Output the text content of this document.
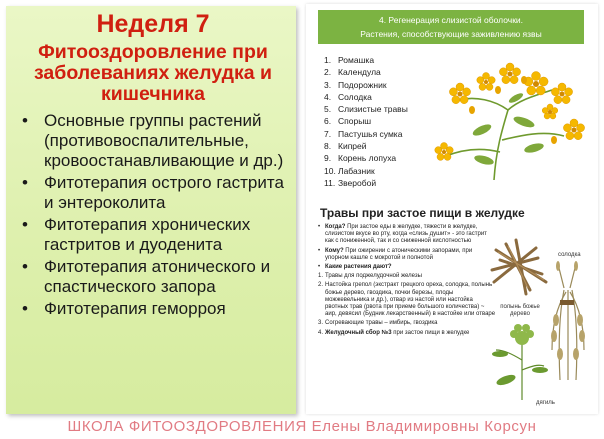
Неделя 7
Фитооздоровление при заболеваниях желудка и кишечника
• Основные группы растений (противовоспалительные, кровоостанавливающие и др.)
• Фитотерапия острого гастрита и энтероколита
• Фитотерапия хронических гастритов и дуоденита
• Фитотерапия атонического и спастического запора
• Фитотерапия геморроя
4. Регенерация слизистой оболочки.
Растения, способствующие заживлению язвы
1. Ромашка
2. Календула
3. Подорожник
4. Солодка
5. Слизистые травы
6. Спорыш
7. Пастушья сумка
8. Кипрей
9. Корень лопуха
10. Лабазник
11. Зверобой
Травы при застое пищи в желудке
• Когда? При застое еды в желудке, тяжести в желудке, слизистом вкусе во рту, когда «слизь душит» - это гастрит как с пониженной, так и со сниженной кислотностью
• Кому? При ожирении с атоническими запорами, при упорном кашле с мокротой и полнотой
• Какие растения дают?
1. Травы для поджелудочной железы
2. Настойка грепол (экстракт грецкого ореха, солодка, полынь божье дерево, гвоздика, почки березы, плоды можжевельника и др.), отвар из настой или настойка рвотных трав (рвота при приеме большого количества) ~ аир, девясил (Будник лекарственный) в настойке или отваре
3. Согревающие травы – имбирь, гвоздика
4. Желудочный сбор №3 при застое пищи в желудке
солодка
полынь божье дерево
дягиль
ШКОЛА ФИТООЗДОРОВЛЕНИЯ Елены Владимировны Корсун
